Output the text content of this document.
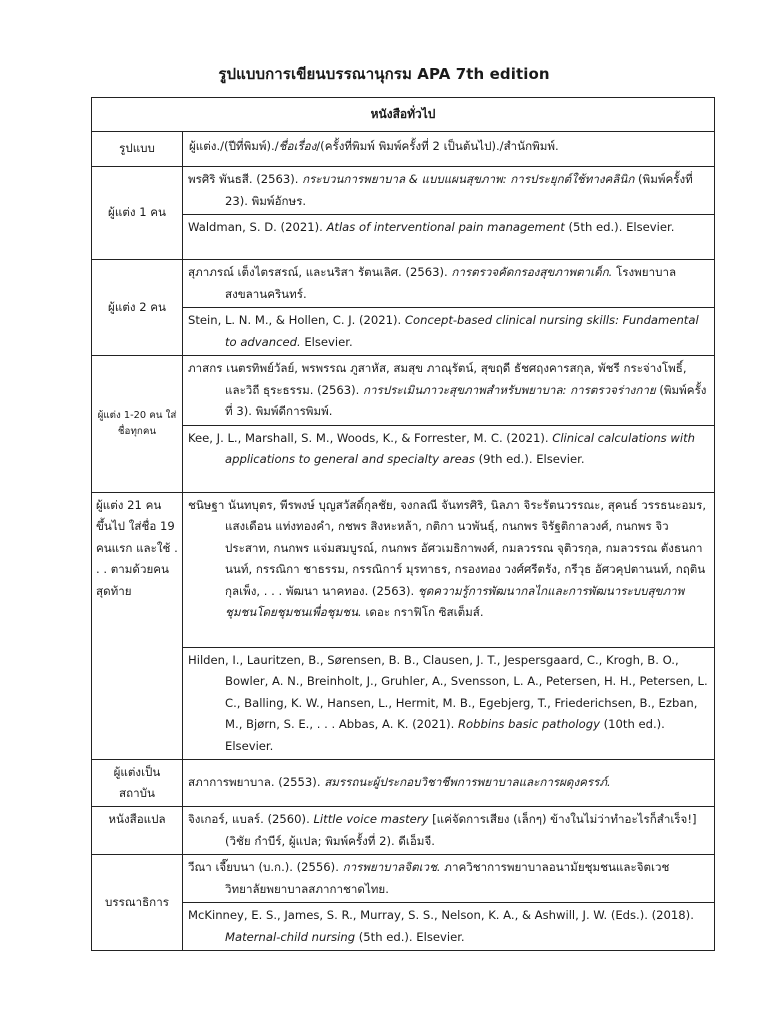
รูปแบบการเขียนบรรณานุกรม APA 7th edition
หนังสือทั่วไป	
รูปแบบ	ผู้แต่ง./(ปีที่พิมพ์)./ชื่อเรื่อง/(ครั้งที่พิมพ์ พิมพ์ครั้งที่ 2 เป็นต้นไป)./สำนักพิมพ์.
ผู้แต่ง 1 คน	พรศิริ พันธสี. (2563). กระบวนการพยาบาล & แบบแผนสุขภาพ: การประยุกต์ใช้ทางคลินิก (พิมพ์ครั้งที่ 23). พิมพ์อักษร.
	Waldman, S. D. (2021). Atlas of interventional pain management (5th ed.). Elsevier.
ผู้แต่ง 2 คน	สุภาภรณ์ เต็งไตรสรณ์, และนริสา รัตนเลิศ. (2563). การตรวจคัดกรองสุขภาพตาเด็ก. โรงพยาบาลสงขลานครินทร์.
	Stein, L. N. M., & Hollen, C. J. (2021). Concept-based clinical nursing skills: Fundamental to advanced. Elsevier.
ผู้แต่ง 1-20 คน ใส่ชื่อทุกคน	ภาสกร เนตรทิพย์วัลย์, พรพรรณ ภูสาหัส, สมสุข ภาณุรัตน์, สุขฤดี ธัชศฤงคารสกุล, พัชรี กระจ่างโพธิ์, และวิถี ธุระธรรม. (2563). การประเมินภาวะสุขภาพสำหรับพยาบาล: การตรวจร่างกาย (พิมพ์ครั้งที่ 3). พิมพ์ดีการพิมพ์.
	Kee, J. L., Marshall, S. M., Woods, K., & Forrester, M. C. (2021). Clinical calculations with applications to general and specialty areas (9th ed.). Elsevier.
ผู้แต่ง 21 คน ขึ้นไป ใส่ชื่อ 19 คนแรก และใช้ . . . ตามด้วยคนสุดท้าย	ชนิษฐา นันทบุตร, พีรพงษ์ บุญสวัสดิ์กุลชัย, จงกลณี จันทรศิริ, นิลภา จิระรัตนวรรณะ, สุคนธ์ วรรธนะอมร, แสงเดือน แท่งทองคำ, กชพร สิงหะหล้า, กติกา นวพันธุ์, กนกพร จิรัฐติกาลวงศ์, กนกพร จิวประสาท, กนกพร แจ่มสมบูรณ์, กนกพร อัศวเมธิกาพงศ์, กมลวรรณ จุติวรกุล, กมลวรรณ ตังธนกานนท์, กรรณิกา ชาธรรม, กรรณิการ์ มุรทาธร, กรองทอง วงศ์ศรีตรัง, กรีวุธ อัศวคุปตานนท์, กฤติน กุลเพ็ง, . . . พัฒนา นาคทอง. (2563). ชุดความรู้การพัฒนากลไกและการพัฒนาระบบสุขภาพชุมชนโดยชุมชนเพื่อชุมชน. เดอะ กราฟิโก ซิสเต็มส์.
	Hilden, I., Lauritzen, B., Sørensen, B. B., Clausen, J. T., Jespersgaard, C., Krogh, B. O., Bowler, A. N., Breinholt, J., Gruhler, A., Svensson, L. A., Petersen, H. H., Petersen, L. C., Balling, K. W., Hansen, L., Hermit, M. B., Egebjerg, T., Friederichsen, B., Ezban, M., Bjørn, S. E., . . . Abbas, A. K. (2021). Robbins basic pathology (10th ed.). Elsevier.
ผู้แต่งเป็นสถาบัน	สภาการพยาบาล. (2553). สมรรถนะผู้ประกอบวิชาชีพการพยาบาลและการผดุงครรภ์.
หนังสือแปล	จิงเกอร์, แบลร์. (2560). Little voice mastery [แค่จัดการเสียง (เล็กๆ) ข้างในไม่ว่าทำอะไรก็สำเร็จ!] (วิชัย กำบีร์, ผู้แปล; พิมพ์ครั้งที่ 2). ดีเอ็มจี.
บรรณาธิการ	วีณา เจี๊ยบนา (บ.ก.). (2556). การพยาบาลจิตเวช. ภาควิชาการพยาบาลอนามัยชุมชนและจิตเวช วิทยาลัยพยาบาลสภากาชาดไทย.
	McKinney, E. S., James, S. R., Murray, S. S., Nelson, K. A., & Ashwill, J. W. (Eds.). (2018). Maternal-child nursing (5th ed.). Elsevier.
